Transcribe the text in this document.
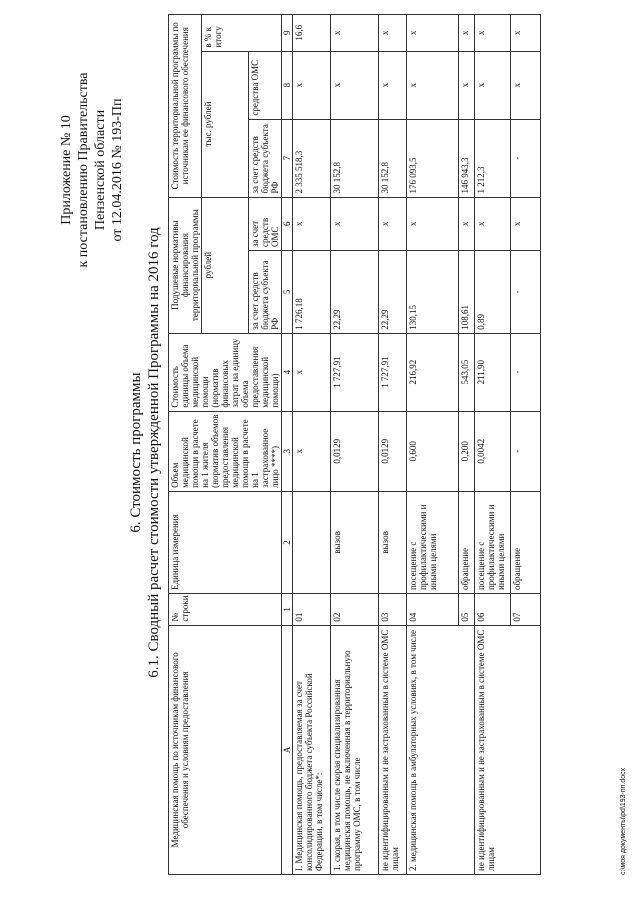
Приложение № 10 к постановлению Правительства Пензенской области от 12.04.2016 № 193-Пп
6. Стоимость программы 6.1. Сводный расчет стоимости утвержденной Программы на 2016 год
Медицинская помощь по источникам финансового обеспечения и условиям предоставления	№ строки	Единица измерения	Объем медицинской помощи в расчете на 1 жителя (норматив объемов предоставления медицинской помощи в расчете на 1 застрахованное лицо ****)	Стоимость единицы объема медицинской помощи (норматив финансовых затрат на единицу объема предоставления медицинской помощи)	Подушевые нормативы финансирования территориальной программы		Стоимость территориальной программы по источникам ее финансового обеспечения		
					рублей		тыс. рублей		в % к итогу
					за счет средств бюджета субъекта РФ	за счет средств ОМС	за счет средств бюджета субъекта РФ	средства ОМС	
А	1	2	3	4	5	6	7	8	9
I. Медицинская помощь, предоставляемая за счет консолидированного бюджета субъекта Российской Федерации, в том числе*:	01		х	х	1 726,18	х	2 335 518,3	х	16,6
1. скорая, в том числе скорая специализированная медицинская помощь, не включенная в территориальную программу ОМС, в том числе	02	вызов	0,0129	1 727,91	22,29	х	30 152,8	х	х
не идентифицированным и не застрахованным в системе ОМС лицам	03	вызов	0,0129	1 727,91	22,29	х	30 152,8	х	х
2. медицинская помощь в амбулаторных условиях, в том числе	04	посещение с профилактическими и иными целями	0,600	216,92	130,15	х	176 093,5	х	х
	05	обращение	0,200	543,05	108,61	х	146 943,3	х	х
не идентифицированным и не застрахованным в системе ОМС лицам	06	посещение с профилактическими и иными целями	0,0042	211,90	0,89	х	1 212,3	х	х
	07	обращение	-	-	-	х	-	х	х
c:\моя документы\pd\193-пп.docx
